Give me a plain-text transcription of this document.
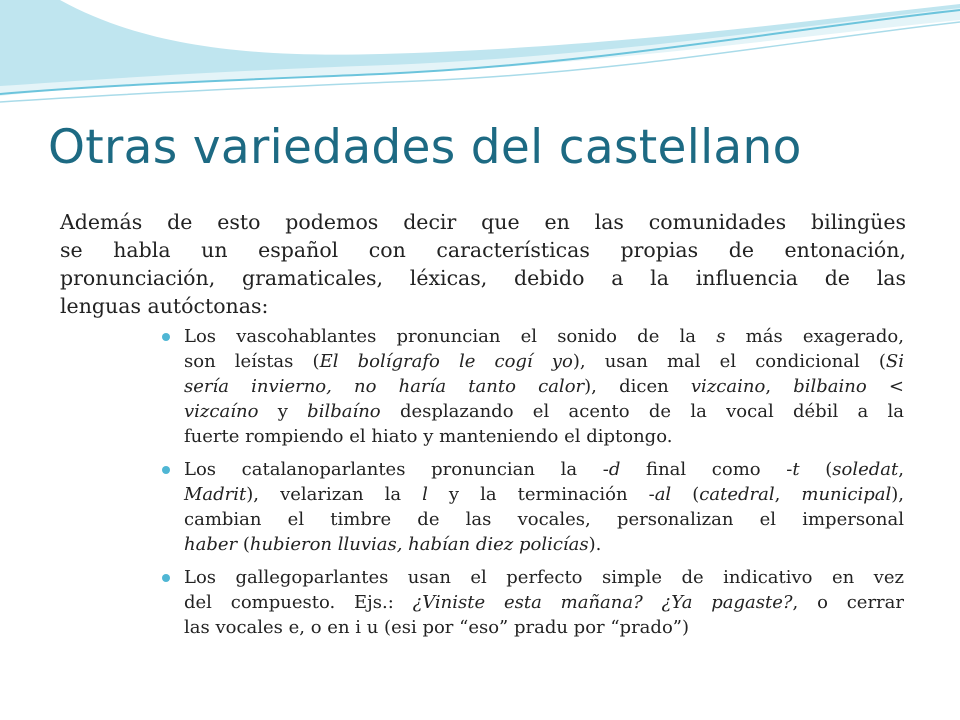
Otras variedades del castellano
Además de esto podemos decir que en las comunidades bilingües
se habla un español con características propias de entonación,
pronunciación, gramaticales, léxicas, debido a la influencia de las
lenguas autóctonas:
Los vascohablantes pronuncian el sonido de la s más exagerado,
son leístas (El bolígrafo le cogí yo), usan mal el condicional (Si
sería invierno, no haría tanto calor), dicen vizcaino, bilbaino <
vizcaíno y bilbaíno desplazando el acento de la vocal débil a la
fuerte rompiendo el hiato y manteniendo el diptongo.
Los catalanoparlantes pronuncian la -d final como -t (soledat,
Madrit), velarizan la l y la terminación -al (catedral, municipal),
cambian el timbre de las vocales, personalizan el impersonal
haber (hubieron lluvias, habían diez policías).
Los gallegoparlantes usan el perfecto simple de indicativo en vez
del compuesto. Ejs.: ¿Viniste esta mañana? ¿Ya pagaste?, o cerrar
las vocales e, o en i u (esi por “eso” pradu por “prado”)
